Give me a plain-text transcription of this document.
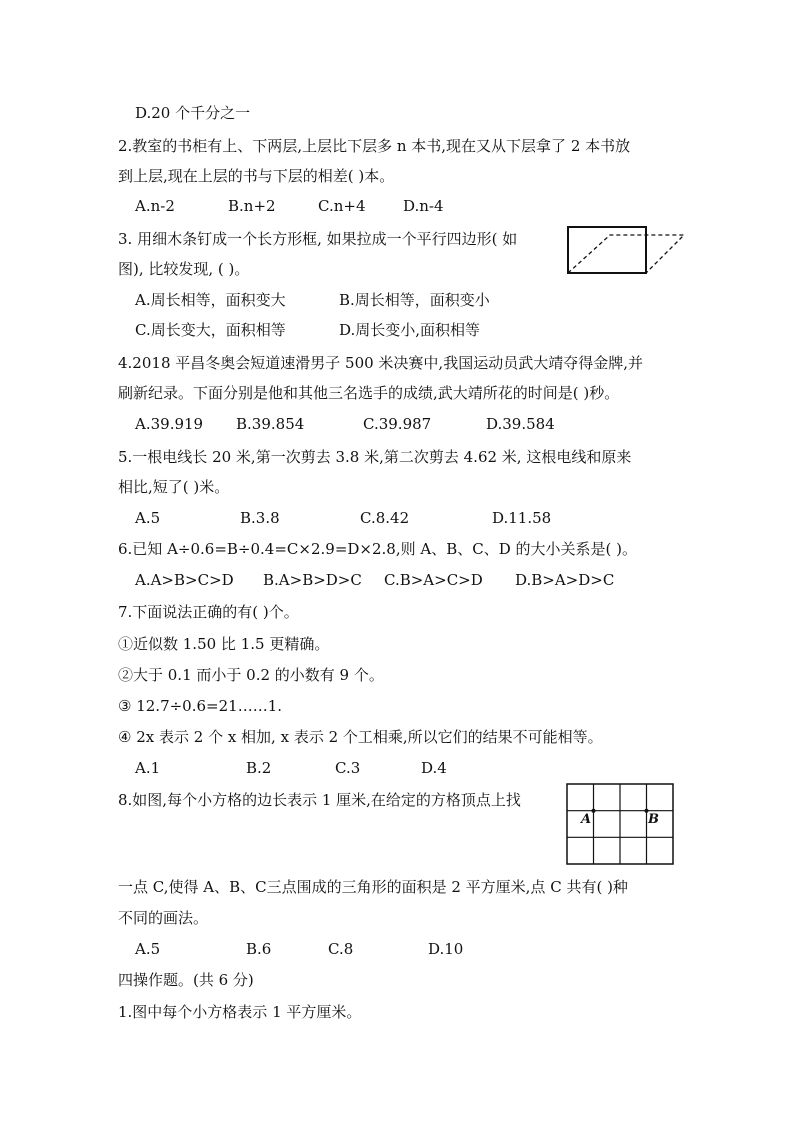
D.20 个千分之一
2.教室的书柜有上、下两层,上层比下层多 n 本书,现在又从下层拿了 2 本书放
到上层,现在上层的书与下层的相差( )本。
A.n-2	B.n+2	C.n+4	D.n-4
3. 用细木条钉成一个长方形框, 如果拉成一个平行四边形( 如
图), 比较发现, ( )。
A.周长相等，面积变大	B.周长相等，面积变小
C.周长变大，面积相等	D.周长变小,面积相等
4.2018 平昌冬奥会短道速滑男子 500 米决赛中,我国运动员武大靖夺得金牌,并
刷新纪录。下面分别是他和其他三名选手的成绩,武大靖所花的时间是( )秒。
A.39.919 B.39.854	C.39.987	D.39.584
5.一根电线长 20 米,第一次剪去 3.8 米,第二次剪去 4.62 米, 这根电线和原来
相比,短了( )米。
A.5	B.3.8	C.8.42	D.11.58
6.已知 A÷0.6=B÷0.4=C×2.9=D×2.8,则 A、B、C、D 的大小关系是( )。
A.A>B>C>D B.A>B>D>C C.B>A>C>D D.B>A>D>C
7.下面说法正确的有( )个。
①近似数 1.50 比 1.5 更精确。
②大于 0.1 而小于 0.2 的小数有 9 个。
③ 12.7÷0.6=21……1.
④ 2x 表示 2 个 x 相加, x 表示 2 个工相乘,所以它们的结果不可能相等。
A.1	B.2	C.3	D.4
8.如图,每个小方格的边长表示 1 厘米,在给定的方格顶点上找
A	B
一点 C,使得 A、B、C三点围成的三角形的面积是 2 平方厘米,点 C 共有( )种
不同的画法。
A.5	B.6	C.8	D.10
四操作题。(共 6 分)
1.图中每个小方格表示 1 平方厘米。
